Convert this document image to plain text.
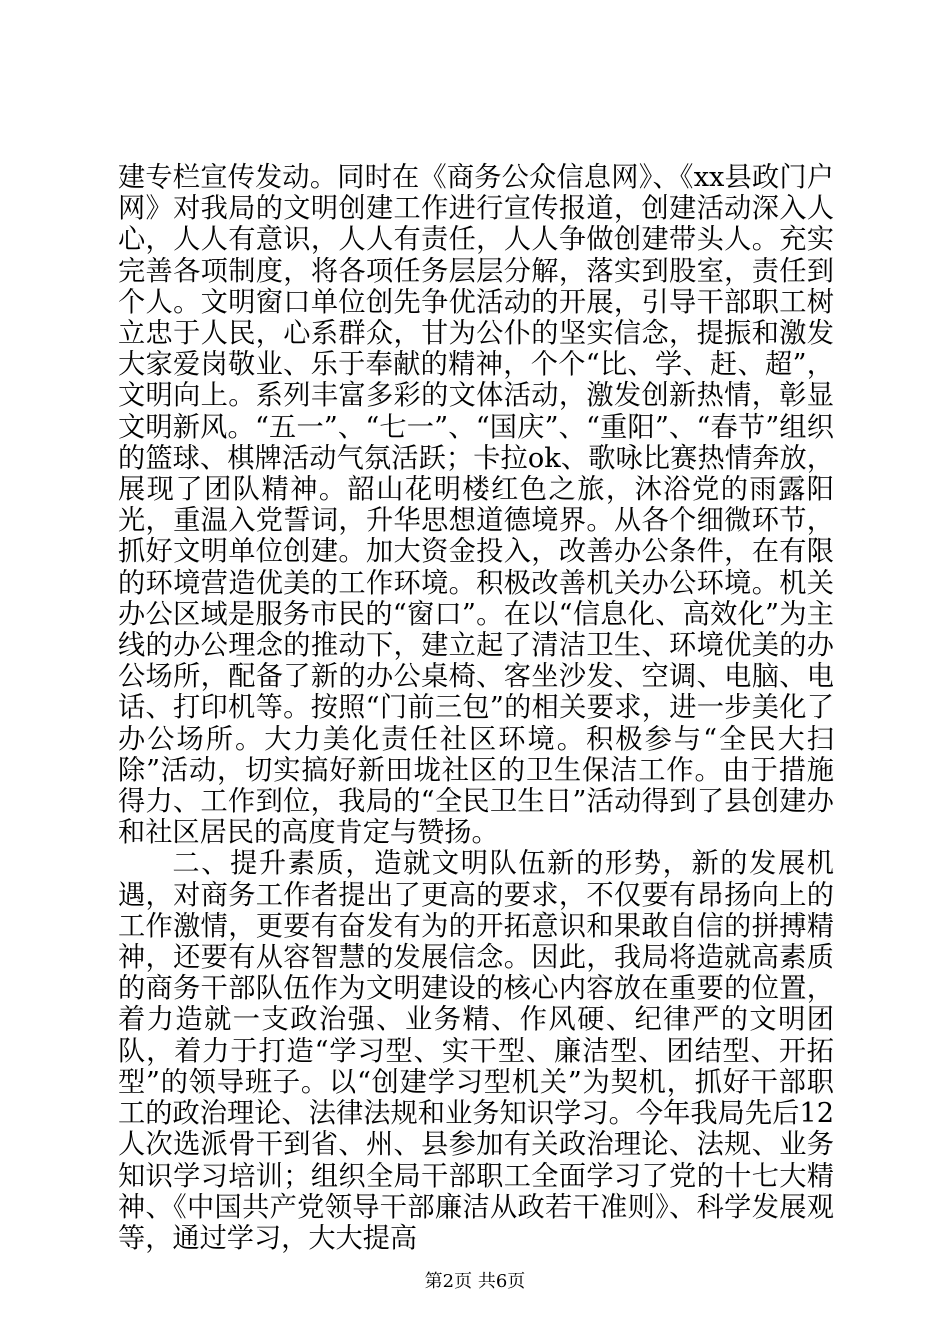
建专栏宣传发动。同时在《商务公众信息网》、《xx县政门户网》对我局的文明创建工作进行宣传报道，创建活动深入人心，人人有意识，人人有责任，人人争做创建带头人。充实完善各项制度，将各项任务层层分解，落实到股室，责任到个人。文明窗口单位创先争优活动的开展，引导干部职工树立忠于人民，心系群众，甘为公仆的坚实信念，提振和激发大家爱岗敬业、乐于奉献的精神，个个“比、学、赶、超”，文明向上。系列丰富多彩的文体活动，激发创新热情，彰显文明新风。“五一”、“七一”、“国庆”、“重阳”、“春节”组织的篮球、棋牌活动气氛活跃；卡拉ok、歌咏比赛热情奔放，展现了团队精神。韶山花明楼红色之旅，沐浴党的雨露阳光，重温入党誓词，升华思想道德境界。从各个细微环节，抓好文明单位创建。加大资金投入，改善办公条件，在有限的环境营造优美的工作环境。积极改善机关办公环境。机关办公区域是服务市民的“窗口”。在以“信息化、高效化”为主线的办公理念的推动下，建立起了清洁卫生、环境优美的办公场所，配备了新的办公桌椅、客坐沙发、空调、电脑、电话、打印机等。按照“门前三包”的相关要求，进一步美化了办公场所。大力美化责任社区环境。积极参与“全民大扫除”活动，切实搞好新田垅社区的卫生保洁工作。由于措施得力、工作到位，我局的“全民卫生日”活动得到了县创建办和社区居民的高度肯定与赞扬。

二、提升素质，造就文明队伍新的形势，新的发展机遇，对商务工作者提出了更高的要求，不仅要有昂扬向上的工作激情，更要有奋发有为的开拓意识和果敢自信的拼搏精神，还要有从容智慧的发展信念。因此，我局将造就高素质的商务干部队伍作为文明建设的核心内容放在重要的位置，着力造就一支政治强、业务精、作风硬、纪律严的文明团队，着力于打造“学习型、实干型、廉洁型、团结型、开拓型”的领导班子。以“创建学习型机关”为契机，抓好干部职工的政治理论、法律法规和业务知识学习。今年我局先后12人次选派骨干到省、州、县参加有关政治理论、法规、业务知识学习培训；组织全局干部职工全面学习了党的十七大精神、《中国共产党领导干部廉洁从政若干准则》、科学发展观等，通过学习，大大提高

第2页 共6页
